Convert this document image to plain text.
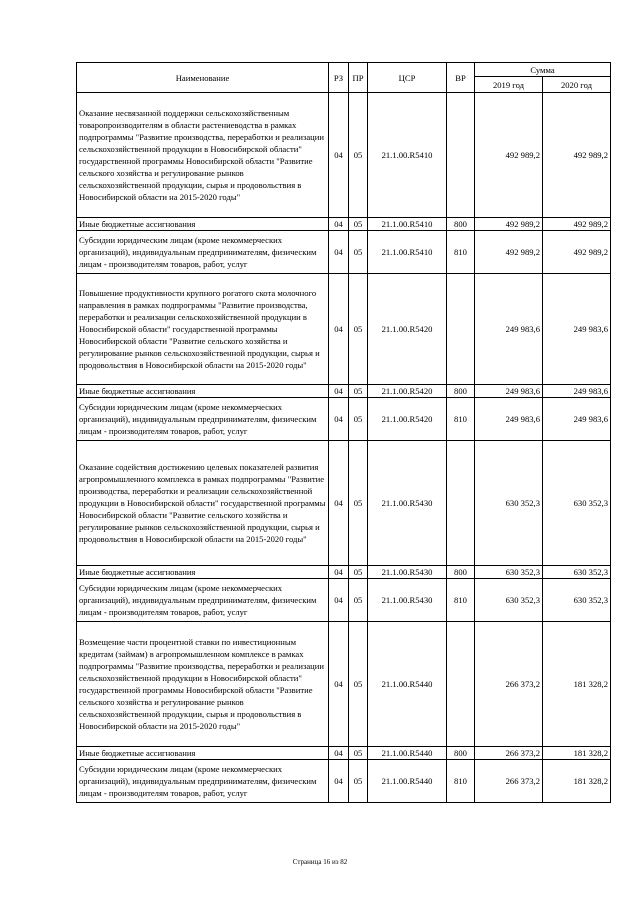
Наименование	РЗ	ПР	ЦСР	ВР	Сумма	
					2019 год	2020 год
Оказание несвязанной поддержки сельскохозяйственным товаропроизводителям в области растениеводства в рамках подпрограммы "Развитие производства, переработки и реализации сельскохозяйственной продукции в Новосибирской области" государственной программы Новосибирской области "Развитие сельского хозяйства и регулирование рынков сельскохозяйственной продукции, сырья и продовольствия в Новосибирской области на 2015-2020 годы"	04	05	21.1.00.R5410		492 989,2	492 989,2
Иные бюджетные ассигнования	04	05	21.1.00.R5410	800	492 989,2	492 989,2
Субсидии юридическим лицам (кроме некоммерческих организаций), индивидуальным предпринимателям, физическим лицам - производителям товаров, работ, услуг	04	05	21.1.00.R5410	810	492 989,2	492 989,2
Повышение продуктивности крупного рогатого скота молочного направления в рамках подпрограммы "Развитие производства, переработки и реализации сельскохозяйственной продукции в Новосибирской области" государственной программы Новосибирской области "Развитие сельского хозяйства и регулирование рынков сельскохозяйственной продукции, сырья и продовольствия в Новосибирской области на 2015-2020 годы"	04	05	21.1.00.R5420		249 983,6	249 983,6
Иные бюджетные ассигнования	04	05	21.1.00.R5420	800	249 983,6	249 983,6
Субсидии юридическим лицам (кроме некоммерческих организаций), индивидуальным предпринимателям, физическим лицам - производителям товаров, работ, услуг	04	05	21.1.00.R5420	810	249 983,6	249 983,6
Оказание содействия достижению целевых показателей развития агропромышленного комплекса в рамках подпрограммы "Развитие производства, переработки и реализации сельскохозяйственной продукции в Новосибирской области" государственной программы Новосибирской области "Развитие сельского хозяйства и регулирование рынков сельскохозяйственной продукции, сырья и продовольствия в Новосибирской области на 2015-2020 годы"	04	05	21.1.00.R5430		630 352,3	630 352,3
Иные бюджетные ассигнования	04	05	21.1.00.R5430	800	630 352,3	630 352,3
Субсидии юридическим лицам (кроме некоммерческих организаций), индивидуальным предпринимателям, физическим лицам - производителям товаров, работ, услуг	04	05	21.1.00.R5430	810	630 352,3	630 352,3
Возмещение части процентной ставки по инвестиционным кредитам (займам) в агропромышленном комплексе в рамках подпрограммы "Развитие производства, переработки и реализации сельскохозяйственной продукции в Новосибирской области" государственной программы Новосибирской области "Развитие сельского хозяйства и регулирование рынков сельскохозяйственной продукции, сырья и продовольствия в Новосибирской области на 2015-2020 годы"	04	05	21.1.00.R5440		266 373,2	181 328,2
Иные бюджетные ассигнования	04	05	21.1.00.R5440	800	266 373,2	181 328,2
Субсидии юридическим лицам (кроме некоммерческих организаций), индивидуальным предпринимателям, физическим лицам - производителям товаров, работ, услуг	04	05	21.1.00.R5440	810	266 373,2	181 328,2
Страница 16 из 82
